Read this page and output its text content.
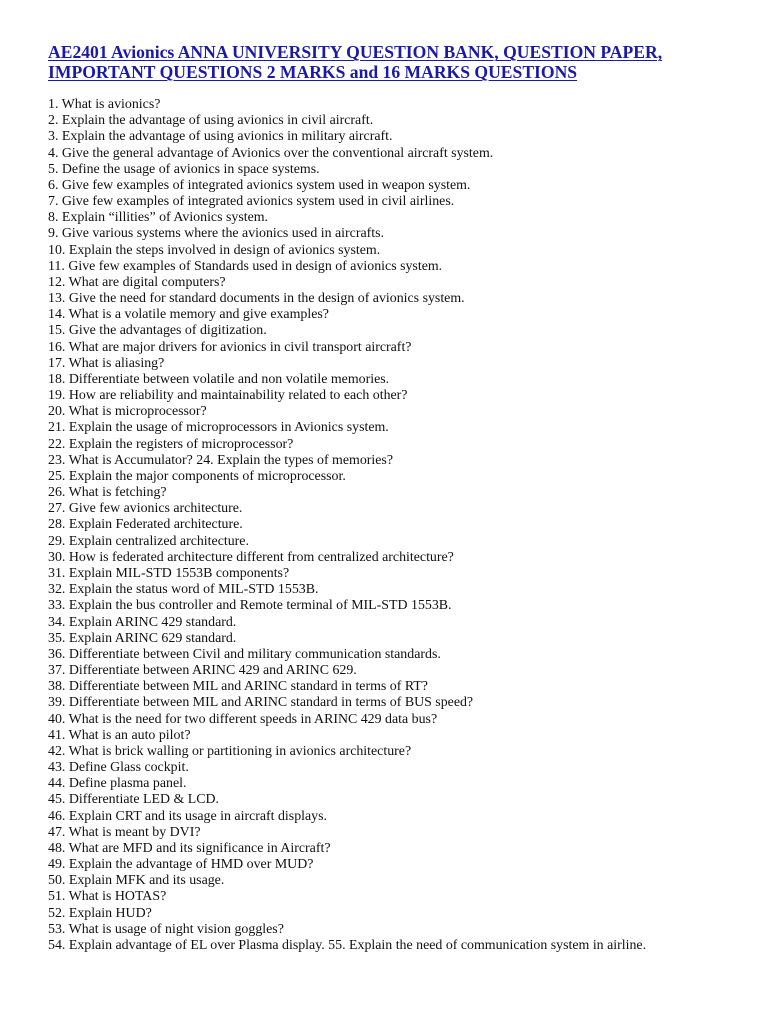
AE2401 Avionics ANNA UNIVERSITY QUESTION BANK, QUESTION PAPER,
IMPORTANT QUESTIONS 2 MARKS and 16 MARKS QUESTIONS
1. What is avionics?
2. Explain the advantage of using avionics in civil aircraft.
3. Explain the advantage of using avionics in military aircraft.
4. Give the general advantage of Avionics over the conventional aircraft system.
5. Define the usage of avionics in space systems.
6. Give few examples of integrated avionics system used in weapon system.
7. Give few examples of integrated avionics system used in civil airlines.
8. Explain “illities” of Avionics system.
9. Give various systems where the avionics used in aircrafts.
10. Explain the steps involved in design of avionics system.
11. Give few examples of Standards used in design of avionics system.
12. What are digital computers?
13. Give the need for standard documents in the design of avionics system.
14. What is a volatile memory and give examples?
15. Give the advantages of digitization.
16. What are major drivers for avionics in civil transport aircraft?
17. What is aliasing?
18. Differentiate between volatile and non volatile memories.
19. How are reliability and maintainability related to each other?
20. What is microprocessor?
21. Explain the usage of microprocessors in Avionics system.
22. Explain the registers of microprocessor?
23. What is Accumulator? 24. Explain the types of memories?
25. Explain the major components of microprocessor.
26. What is fetching?
27. Give few avionics architecture.
28. Explain Federated architecture.
29. Explain centralized architecture.
30. How is federated architecture different from centralized architecture?
31. Explain MIL-STD 1553B components?
32. Explain the status word of MIL-STD 1553B.
33. Explain the bus controller and Remote terminal of MIL-STD 1553B.
34. Explain ARINC 429 standard.
35. Explain ARINC 629 standard.
36. Differentiate between Civil and military communication standards.
37. Differentiate between ARINC 429 and ARINC 629.
38. Differentiate between MIL and ARINC standard in terms of RT?
39. Differentiate between MIL and ARINC standard in terms of BUS speed?
40. What is the need for two different speeds in ARINC 429 data bus?
41. What is an auto pilot?
42. What is brick walling or partitioning in avionics architecture?
43. Define Glass cockpit.
44. Define plasma panel.
45. Differentiate LED & LCD.
46. Explain CRT and its usage in aircraft displays.
47. What is meant by DVI?
48. What are MFD and its significance in Aircraft?
49. Explain the advantage of HMD over MUD?
50. Explain MFK and its usage.
51. What is HOTAS?
52. Explain HUD?
53. What is usage of night vision goggles?
54. Explain advantage of EL over Plasma display. 55. Explain the need of communication system in airline.
